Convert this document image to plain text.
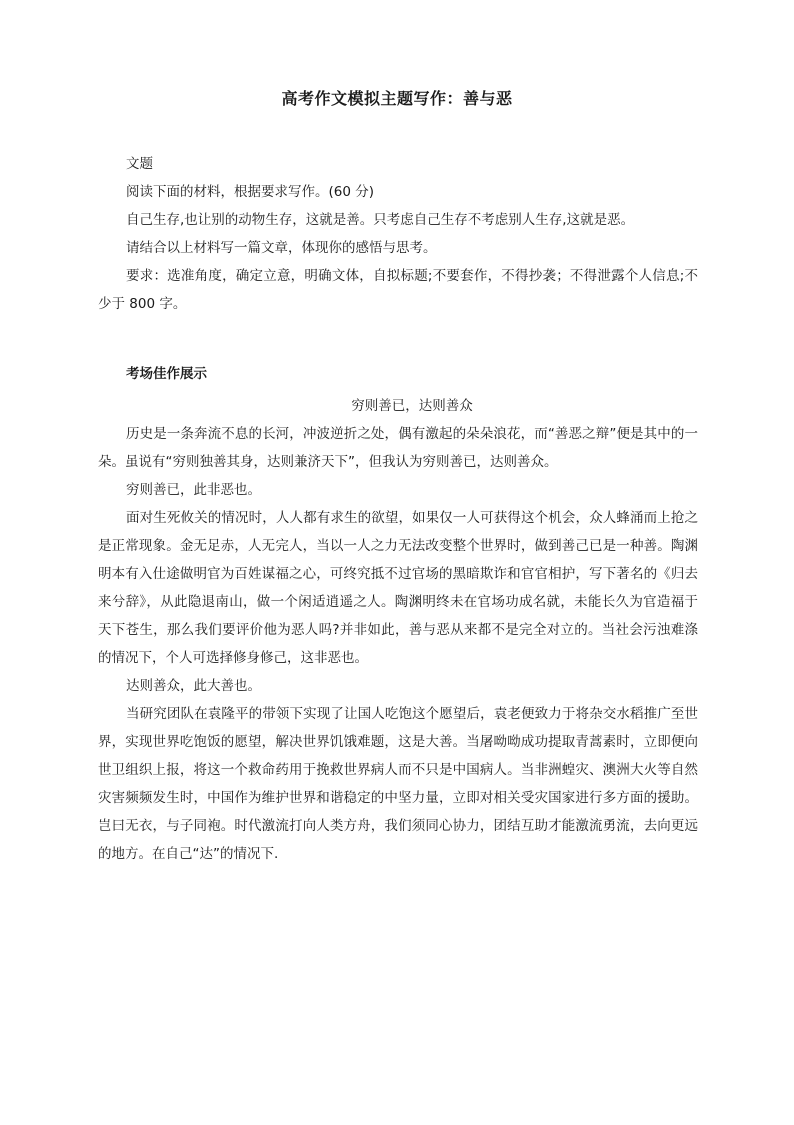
高考作文模拟主题写作：善与恶

文题

阅读下面的材料，根据要求写作。(60 分)

自己生存,也让别的动物生存，这就是善。只考虑自己生存不考虑别人生存,这就是恶。

请结合以上材料写一篇文章，体现你的感悟与思考。

要求：选准角度，确定立意，明确文体，自拟标题;不要套作，不得抄袭；不得泄露个人信息;不少于 800 字。

考场佳作展示

穷则善已，达则善众

历史是一条奔流不息的长河，冲波逆折之处，偶有激起的朵朵浪花，而“善恶之辩”便是其中的一朵。虽说有“穷则独善其身，达则兼济天下”，但我认为穷则善已，达则善众。

穷则善已，此非恶也。

面对生死攸关的情况时，人人都有求生的欲望，如果仅一人可获得这个机会，众人蜂涌而上抢之是正常现象。金无足赤，人无完人，当以一人之力无法改变整个世界时，做到善己已是一种善。陶渊明本有入仕途做明官为百姓谋福之心，可终究抵不过官场的黑暗欺诈和官官相护，写下著名的《归去来兮辞》，从此隐退南山，做一个闲适逍遥之人。陶渊明终未在官场功成名就，未能长久为官造福于天下苍生，那么我们要评价他为恶人吗?并非如此，善与恶从来都不是完全对立的。当社会污浊难涤的情况下，个人可选择修身修己，这非恶也。

达则善众，此大善也。

当研究团队在袁隆平的带领下实现了让国人吃饱这个愿望后，袁老便致力于将杂交水稻推广至世界，实现世界吃饱饭的愿望，解决世界饥饿难题，这是大善。当屠呦呦成功提取青蒿素时，立即便向世卫组织上报，将这一个救命药用于挽救世界病人而不只是中国病人。当非洲蝗灾、澳洲大火等自然灾害频频发生时，中国作为维护世界和谐稳定的中坚力量，立即对相关受灾国家进行多方面的援助。岂曰无衣，与子同袍。时代激流打向人类方舟，我们须同心协力，团结互助才能激流勇流，去向更远的地方。在自己“达”的情况下.
